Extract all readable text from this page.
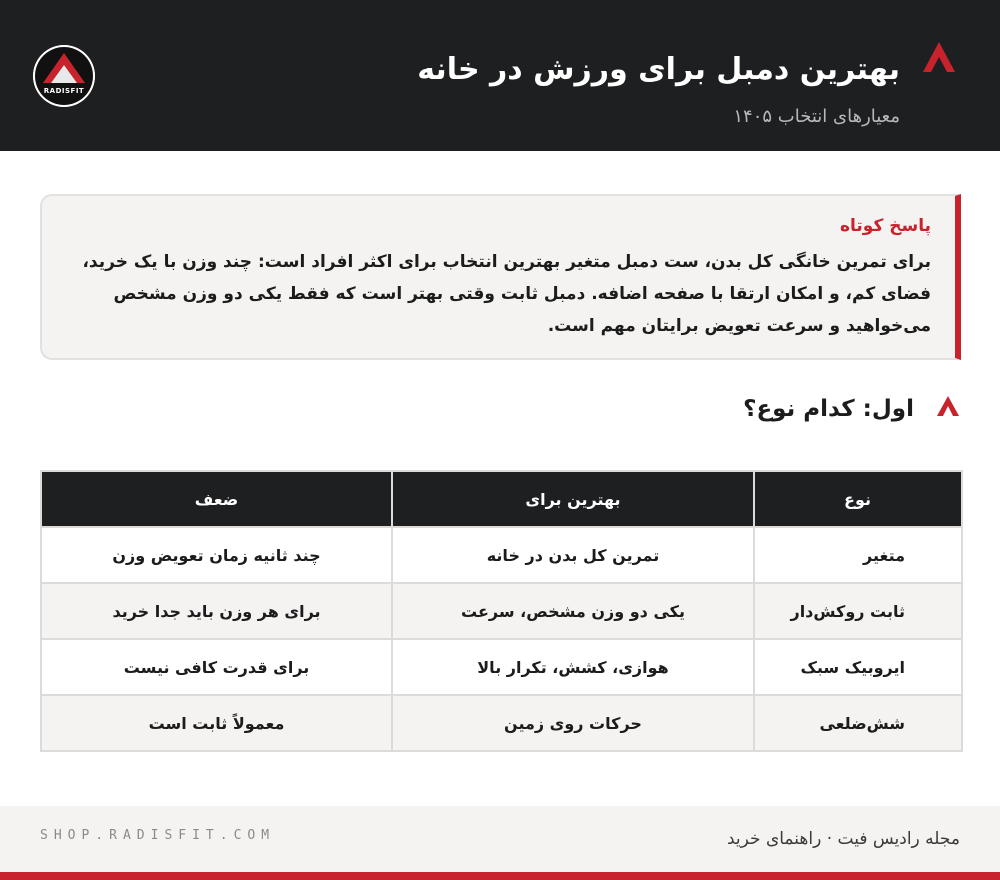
بهترین دمبل برای ورزش در خانه
معیارهای انتخاب ۱۴۰۵
RADISFIT
پاسخ کوتاه
برای تمرین خانگی کل بدن، ست دمبل متغیر بهترین انتخاب برای اکثر افراد است: چند وزن با یک خرید، فضای کم، و امکان ارتقا با صفحه اضافه. دمبل ثابت وقتی بهتر است که فقط یکی دو وزن مشخص می‌خواهید و سرعت تعویض برایتان مهم است.
اول: کدام نوع؟
نوع	بهترین برای	ضعف
متغیر	تمرین کل بدن در خانه	چند ثانیه زمان تعویض وزن
ثابت روکش‌دار	یکی دو وزن مشخص، سرعت	برای هر وزن باید جدا خرید
ایروبیک سبک	هوازی، کشش، تکرار بالا	برای قدرت کافی نیست
شش‌ضلعی	حرکات روی زمین	معمولاً ثابت است
مجله رادیس فیت · راهنمای خرید
SHOP.RADISFIT.COM
